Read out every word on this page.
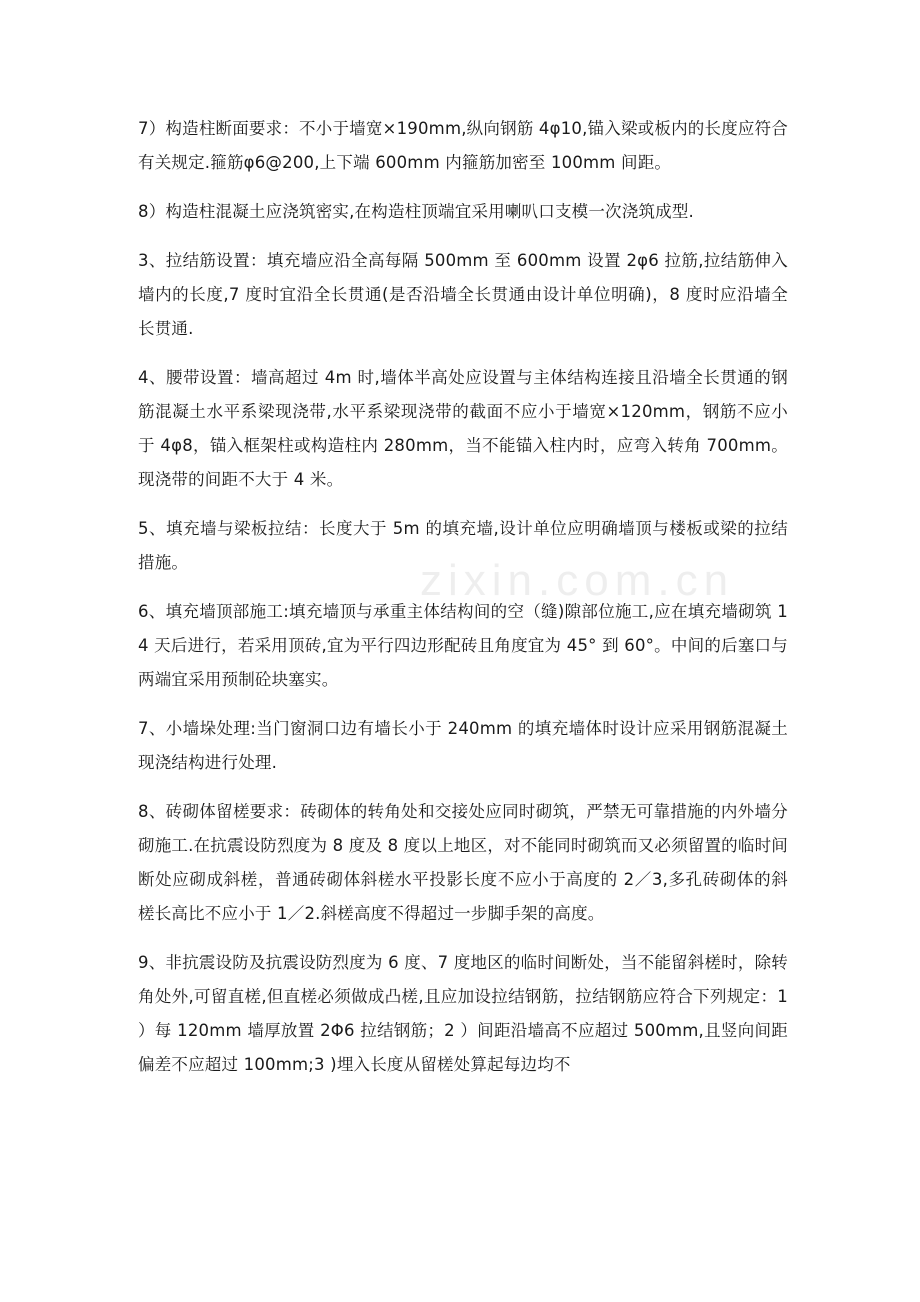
zixin.com.cn

7）构造柱断面要求：不小于墙宽×190mm,纵向钢筋 4φ10,锚入梁或板内的长度应符合有关规定.箍筋φ6@200,上下端 600mm 内箍筋加密至 100mm 间距。

8）构造柱混凝土应浇筑密实,在构造柱顶端宜采用喇叭口支模一次浇筑成型.

3、拉结筋设置：填充墙应沿全高每隔 500mm 至 600mm 设置 2φ6 拉筋,拉结筋伸入墙内的长度,7 度时宜沿全长贯通(是否沿墙全长贯通由设计单位明确)，8 度时应沿墙全长贯通.

4、腰带设置：墙高超过 4m 时,墙体半高处应设置与主体结构连接且沿墙全长贯通的钢筋混凝土水平系梁现浇带,水平系梁现浇带的截面不应小于墙宽×120mm，钢筋不应小于 4φ8，锚入框架柱或构造柱内 280mm，当不能锚入柱内时，应弯入转角 700mm。现浇带的间距不大于 4 米。

5、填充墙与梁板拉结：长度大于 5m 的填充墙,设计单位应明确墙顶与楼板或梁的拉结措施。

6、填充墙顶部施工:填充墙顶与承重主体结构间的空（缝)隙部位施工,应在填充墙砌筑 14 天后进行，若采用顶砖,宜为平行四边形配砖且角度宜为 45° 到 60°。中间的后塞口与两端宜采用预制砼块塞实。

7、小墙垛处理:当门窗洞口边有墙长小于 240mm 的填充墙体时设计应采用钢筋混凝土现浇结构进行处理.

8、砖砌体留槎要求：砖砌体的转角处和交接处应同时砌筑，严禁无可靠措施的内外墙分砌施工.在抗震设防烈度为 8 度及 8 度以上地区，对不能同时砌筑而又必须留置的临时间断处应砌成斜槎，普通砖砌体斜槎水平投影长度不应小于高度的 2／3,多孔砖砌体的斜槎长高比不应小于 1／2.斜槎高度不得超过一步脚手架的高度。

9、非抗震设防及抗震设防烈度为 6 度、7 度地区的临时间断处，当不能留斜槎时，除转角处外,可留直槎,但直槎必须做成凸槎,且应加设拉结钢筋，拉结钢筋应符合下列规定：1 ）每 120mm 墙厚放置 2Φ6 拉结钢筋；2 ）间距沿墙高不应超过 500mm,且竖向间距偏差不应超过 100mm;3 )埋入长度从留槎处算起每边均不
